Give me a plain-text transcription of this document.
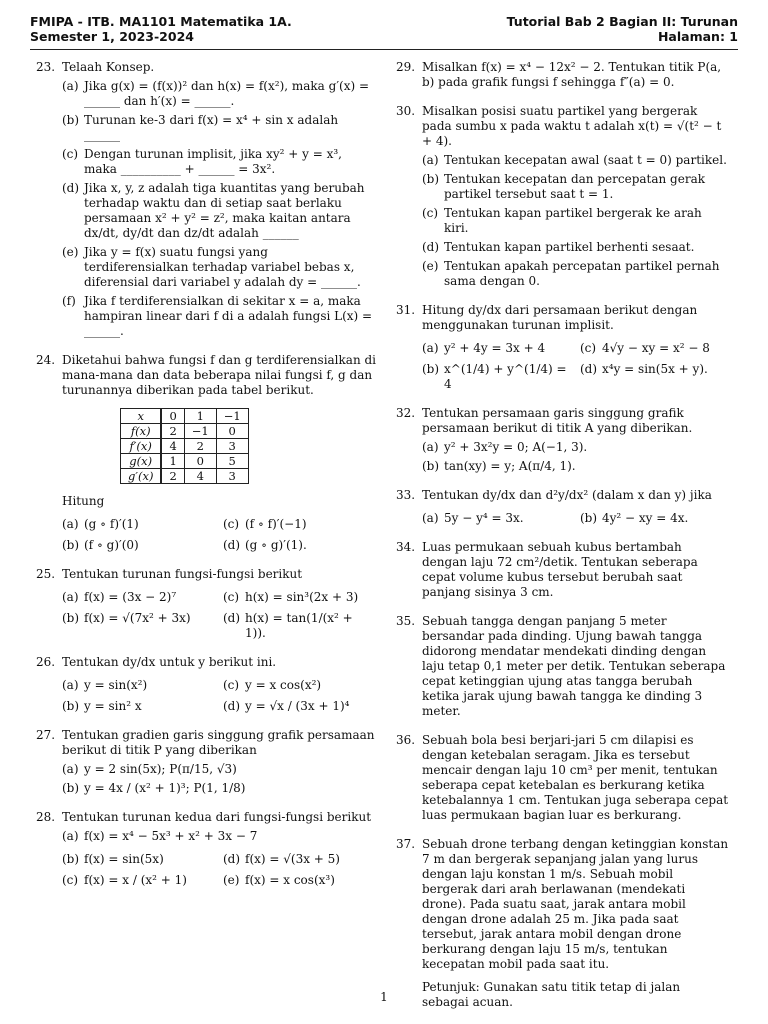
FMIPA - ITB. MA1101 Matematika 1A.
Semester 1, 2023-2024
Tutorial Bab 2 Bagian II: Turunan
Halaman: 1
23. Telaah Konsep.
(a) Jika g(x) = (f(x))² dan h(x) = f(x²), maka g′(x) = ______ dan h′(x) = ______.
(b) Turunan ke-3 dari f(x) = x⁴ + sin x adalah ______
(c) Dengan turunan implisit, jika xy² + y = x³, maka __________ + ______ = 3x².
(d) Jika x, y, z adalah tiga kuantitas yang berubah terhadap waktu dan di setiap saat berlaku persamaan x² + y² = z², maka kaitan antara dx/dt, dy/dt dan dz/dt adalah ______
(e) Jika y = f(x) suatu fungsi yang terdiferensialkan terhadap variabel bebas x, diferensial dari variabel y adalah dy = ______.
(f) Jika f terdiferensialkan di sekitar x = a, maka hampiran linear dari f di a adalah fungsi L(x) = ______.
24. Diketahui bahwa fungsi f dan g terdiferensialkan di mana-mana dan data beberapa nilai fungsi f, g dan turunannya diberikan pada tabel berikut.
x	0	1	−1
f(x)	2	−1	0
f′(x)	4	2	3
g(x)	1	0	5
g′(x)	2	4	3
Hitung
(a) (g ∘ f)′(1)	(c) (f ∘ f)′(−1)
(b) (f ∘ g)′(0)	(d) (g ∘ g)′(1).
25. Tentukan turunan fungsi-fungsi berikut
(a) f(x) = (3x − 2)⁷	(c) h(x) = sin³(2x + 3)
(b) f(x) = √(7x² + 3x)	(d) h(x) = tan(1/(x² + 1)).
26. Tentukan dy/dx untuk y berikut ini.
(a) y = sin(x²)	(c) y = x cos(x²)
(b) y = sin² x	(d) y = √x / (3x + 1)⁴
27. Tentukan gradien garis singgung grafik persamaan berikut di titik P yang diberikan
(a) y = 2 sin(5x); P(π/15, √3)
(b) y = 4x / (x² + 1)³; P(1, 1/8)
28. Tentukan turunan kedua dari fungsi-fungsi berikut
(a) f(x) = x⁴ − 5x³ + x² + 3x − 7
(b) f(x) = sin(5x)	(d) f(x) = √(3x + 5)
(c) f(x) = x / (x² + 1)	(e) f(x) = x cos(x³)
29. Misalkan f(x) = x⁴ − 12x² − 2. Tentukan titik P(a, b) pada grafik fungsi f sehingga f″(a) = 0.
30. Misalkan posisi suatu partikel yang bergerak pada sumbu x pada waktu t adalah x(t) = √(t² − t + 4).
(a) Tentukan kecepatan awal (saat t = 0) partikel.
(b) Tentukan kecepatan dan percepatan gerak partikel tersebut saat t = 1.
(c) Tentukan kapan partikel bergerak ke arah kiri.
(d) Tentukan kapan partikel berhenti sesaat.
(e) Tentukan apakah percepatan partikel pernah sama dengan 0.
31. Hitung dy/dx dari persamaan berikut dengan menggunakan turunan implisit.
(a) y² + 4y = 3x + 4	(c) 4√y − xy = x² − 8
(b) x^(1/4) + y^(1/4) = 4
(d) x⁴y = sin(5x + y).
32. Tentukan persamaan garis singgung grafik persamaan berikut di titik A yang diberikan.
(a) y² + 3x²y = 0; A(−1, 3).
(b) tan(xy) = y; A(π/4, 1).
33. Tentukan dy/dx dan d²y/dx² (dalam x dan y) jika
(a) 5y − y⁴ = 3x.	(b) 4y² − xy = 4x.
34. Luas permukaan sebuah kubus bertambah dengan laju 72 cm²/detik. Tentukan seberapa cepat volume kubus tersebut berubah saat panjang sisinya 3 cm.
35. Sebuah tangga dengan panjang 5 meter bersandar pada dinding. Ujung bawah tangga didorong mendatar mendekati dinding dengan laju tetap 0,1 meter per detik. Tentukan seberapa cepat ketinggian ujung atas tangga berubah ketika jarak ujung bawah tangga ke dinding 3 meter.
36. Sebuah bola besi berjari-jari 5 cm dilapisi es dengan ketebalan seragam. Jika es tersebut mencair dengan laju 10 cm³ per menit, tentukan seberapa cepat ketebalan es berkurang ketika ketebalannya 1 cm. Tentukan juga seberapa cepat luas permukaan bagian luar es berkurang.
37. Sebuah drone terbang dengan ketinggian konstan 7 m dan bergerak sepanjang jalan yang lurus dengan laju konstan 1 m/s. Sebuah mobil bergerak dari arah berlawanan (mendekati drone). Pada suatu saat, jarak antara mobil dengan drone adalah 25 m. Jika pada saat tersebut, jarak antara mobil dengan drone berkurang dengan laju 15 m/s, tentukan kecepatan mobil pada saat itu.
Petunjuk: Gunakan satu titik tetap di jalan sebagai acuan.
1
